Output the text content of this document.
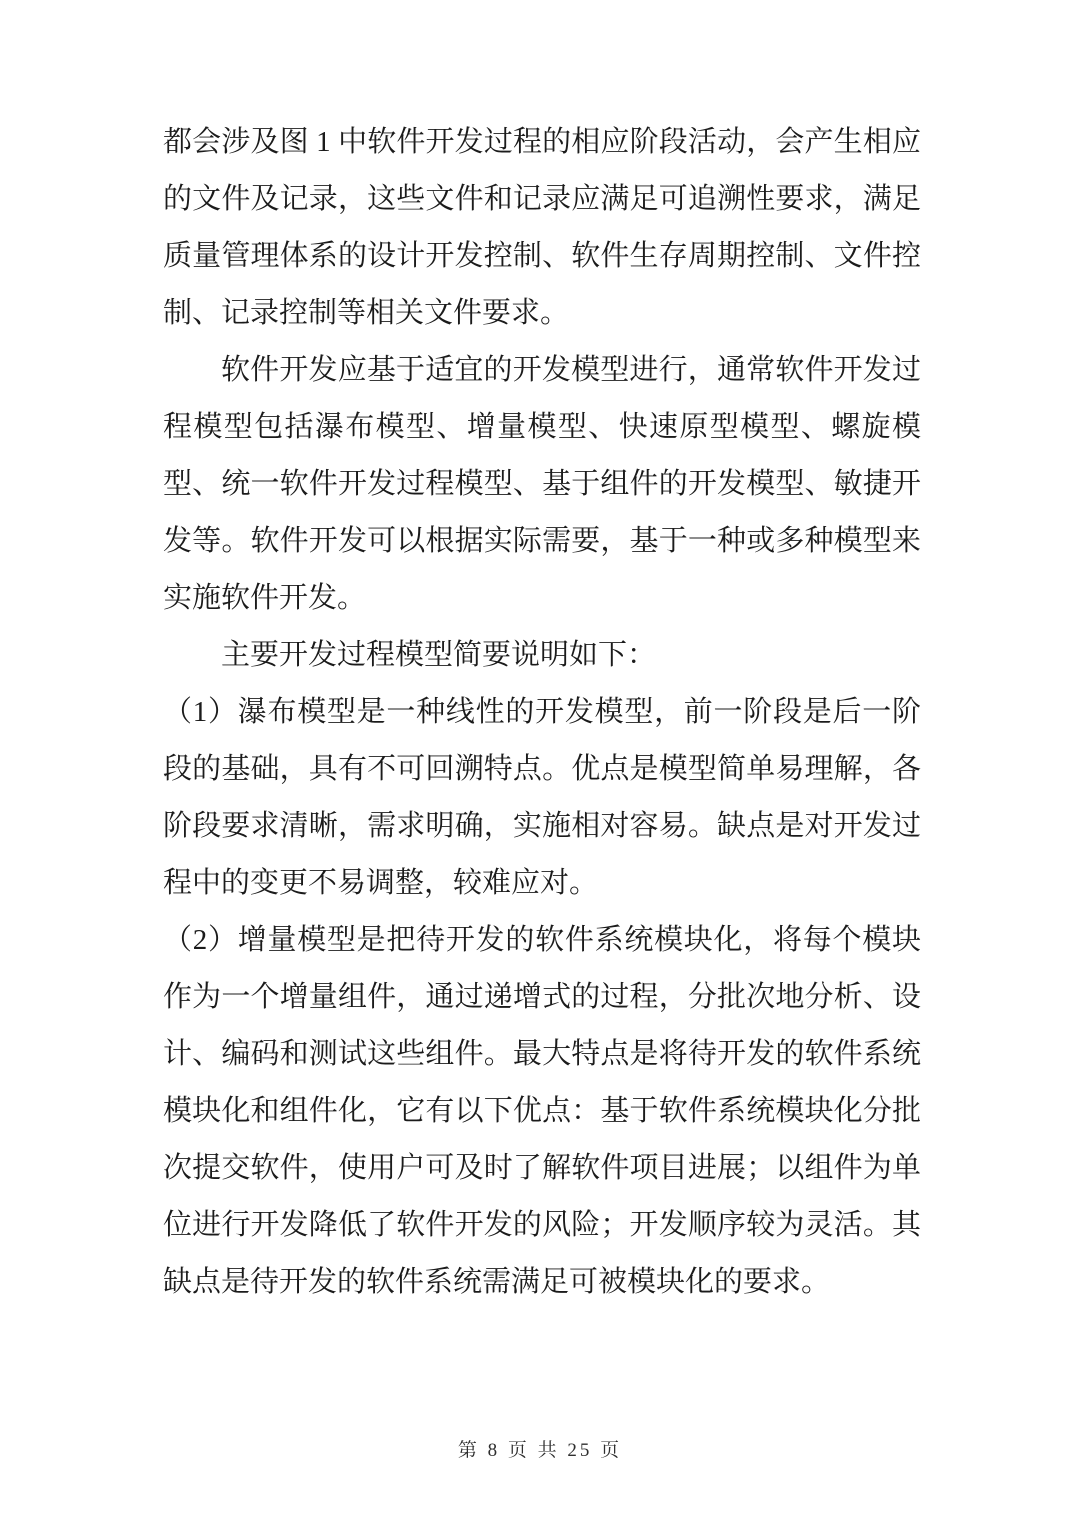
都会涉及图 1 中软件开发过程的相应阶段活动，会产生相应的文件及记录，这些文件和记录应满足可追溯性要求，满足质量管理体系的设计开发控制、软件生存周期控制、文件控制、记录控制等相关文件要求。

软件开发应基于适宜的开发模型进行，通常软件开发过程模型包括瀑布模型、增量模型、快速原型模型、螺旋模型、统一软件开发过程模型、基于组件的开发模型、敏捷开发等。软件开发可以根据实际需要，基于一种或多种模型来实施软件开发。

主要开发过程模型简要说明如下：

（1）瀑布模型是一种线性的开发模型，前一阶段是后一阶段的基础，具有不可回溯特点。优点是模型简单易理解，各阶段要求清晰，需求明确，实施相对容易。缺点是对开发过程中的变更不易调整，较难应对。

（2）增量模型是把待开发的软件系统模块化，将每个模块作为一个增量组件，通过递增式的过程，分批次地分析、设计、编码和测试这些组件。最大特点是将待开发的软件系统模块化和组件化，它有以下优点：基于软件系统模块化分批次提交软件，使用户可及时了解软件项目进展；以组件为单位进行开发降低了软件开发的风险；开发顺序较为灵活。其缺点是待开发的软件系统需满足可被模块化的要求。

第 8 页 共 25 页
